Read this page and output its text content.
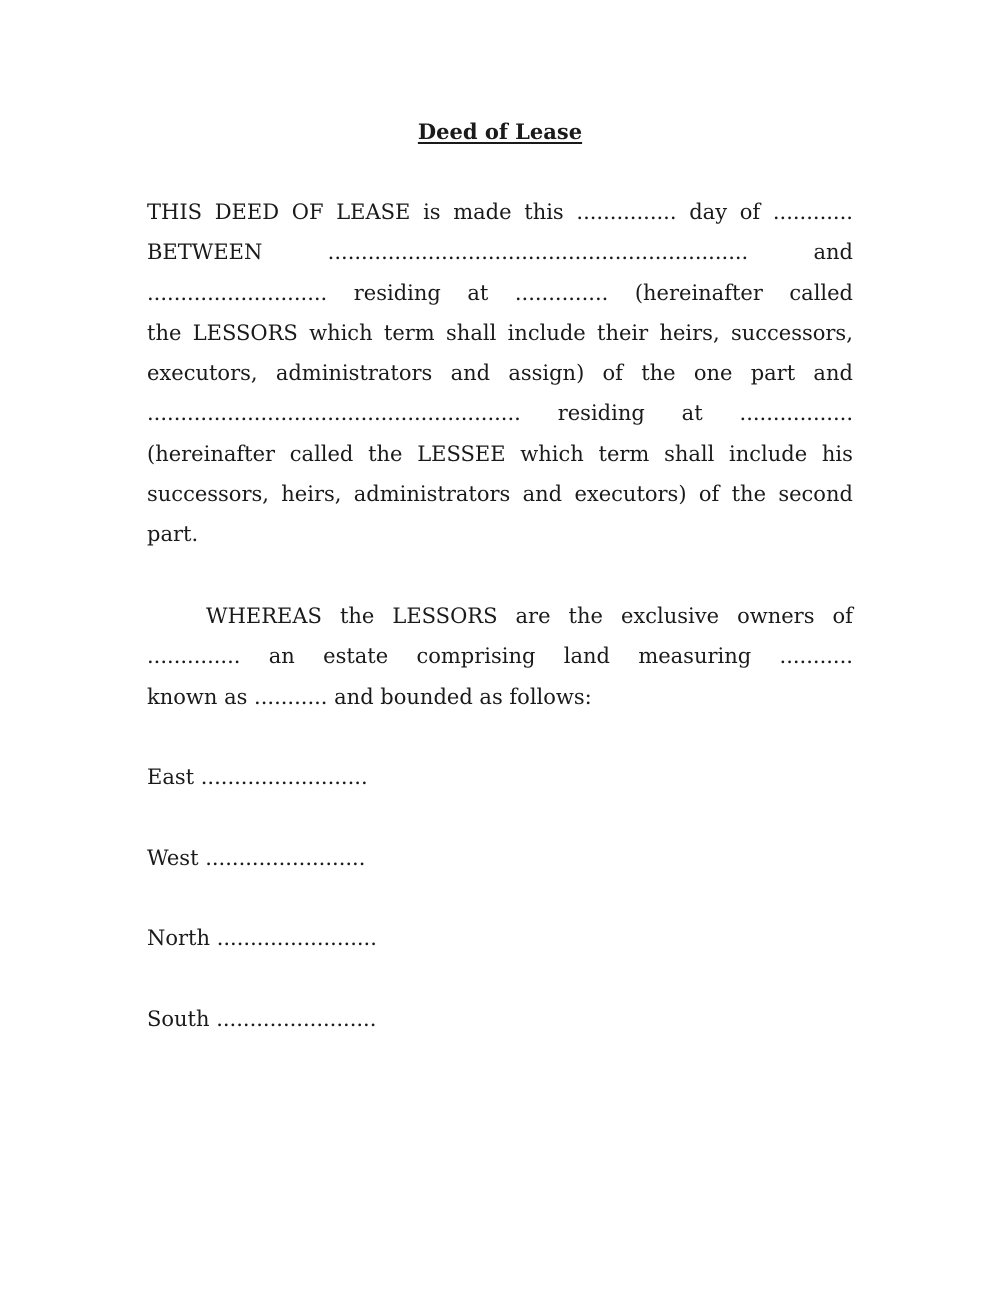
Deed of Lease
THIS DEED OF LEASE is made this ............... day of ............
BETWEEN	...............................................................	and
........................... residing at .............. (hereinafter called
the LESSORS which term shall include their heirs, successors,
executors, administrators and assign) of the one part and
........................................................ residing at .................
(hereinafter called the LESSEE which term shall include his
successors, heirs, administrators and executors) of the second
part.
WHEREAS the LESSORS are the exclusive owners of
.............. an estate comprising land measuring ...........
known as ........... and bounded as follows:
East .........................
West ........................
North ........................
South ........................
